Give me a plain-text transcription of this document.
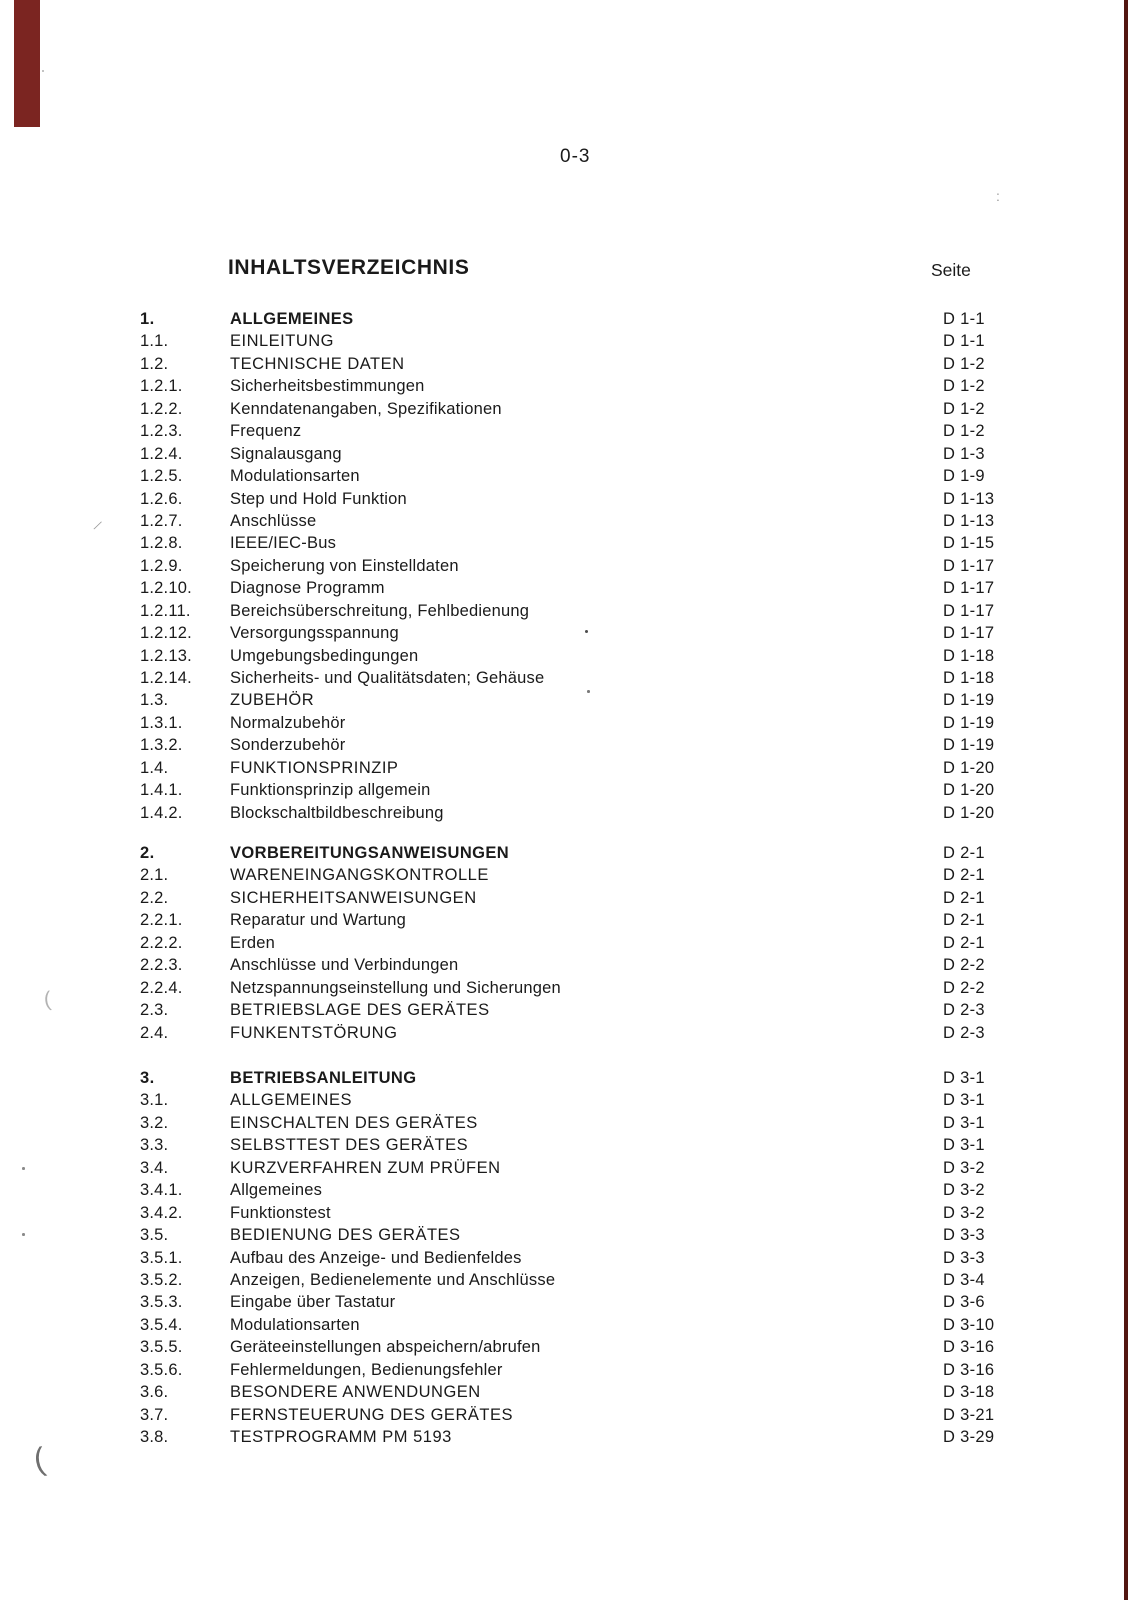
0-3
INHALTSVERZEICHNIS	Seite
1.	ALLGEMEINES	D 1-1
1.1.	EINLEITUNG	D 1-1
1.2.	TECHNISCHE DATEN	D 1-2
1.2.1.	Sicherheitsbestimmungen	D 1-2
1.2.2.	Kenndatenangaben, Spezifikationen	D 1-2
1.2.3.	Frequenz	D 1-2
1.2.4.	Signalausgang	D 1-3
1.2.5.	Modulationsarten	D 1-9
1.2.6.	Step und Hold Funktion	D 1-13
1.2.7.	Anschlüsse	D 1-13
1.2.8.	IEEE/IEC-Bus	D 1-15
1.2.9.	Speicherung von Einstelldaten	D 1-17
1.2.10. Diagnose Programm	D 1-17
1.2.11. Bereichsüberschreitung, Fehlbedienung	D 1-17
1.2.12. Versorgungsspannung	D 1-17
1.2.13. Umgebungsbedingungen	D 1-18
1.2.14. Sicherheits- und Qualitätsdaten; Gehäuse	D 1-18
1.3.	ZUBEHÖR	D 1-19
1.3.1.	Normalzubehör	D 1-19
1.3.2.	Sonderzubehör	D 1-19
1.4.	FUNKTIONSPRINZIP	D 1-20
1.4.1.	Funktionsprinzip allgemein	D 1-20
1.4.2.	Blockschaltbildbeschreibung	D 1-20
2.	VORBEREITUNGSANWEISUNGEN	D 2-1
2.1.	WARENEINGANGSKONTROLLE	D 2-1
2.2.	SICHERHEITSANWEISUNGEN	D 2-1
2.2.1.	Reparatur und Wartung	D 2-1
2.2.2.	Erden	D 2-1
2.2.3.	Anschlüsse und Verbindungen	D 2-2
2.2.4.	Netzspannungseinstellung und Sicherungen	D 2-2
2.3.	BETRIEBSLAGE DES GERÄTES	D 2-3
2.4.	FUNKENTSTÖRUNG	D 2-3
3.	BETRIEBSANLEITUNG	D 3-1
3.1.	ALLGEMEINES	D 3-1
3.2.	EINSCHALTEN DES GERÄTES	D 3-1
3.3.	SELBSTTEST DES GERÄTES	D 3-1
3.4.	KURZVERFAHREN ZUM PRÜFEN	D 3-2
3.4.1.	Allgemeines	D 3-2
3.4.2.	Funktionstest	D 3-2
3.5.	BEDIENUNG DES GERÄTES	D 3-3
3.5.1.	Aufbau des Anzeige- und Bedienfeldes	D 3-3
3.5.2.	Anzeigen, Bedienelemente und Anschlüsse	D 3-4
3.5.3.	Eingabe über Tastatur	D 3-6
3.5.4.	Modulationsarten	D 3-10
3.5.5.	Geräteeinstellungen abspeichern/abrufen	D 3-16
3.5.6.	Fehlermeldungen, Bedienungsfehler	D 3-16
3.6.	BESONDERE ANWENDUNGEN	D 3-18
3.7.	FERNSTEUERUNG DES GERÄTES	D 3-21
3.8.	TESTPROGRAMM PM 5193	D 3-29
⁄
:
(
(
